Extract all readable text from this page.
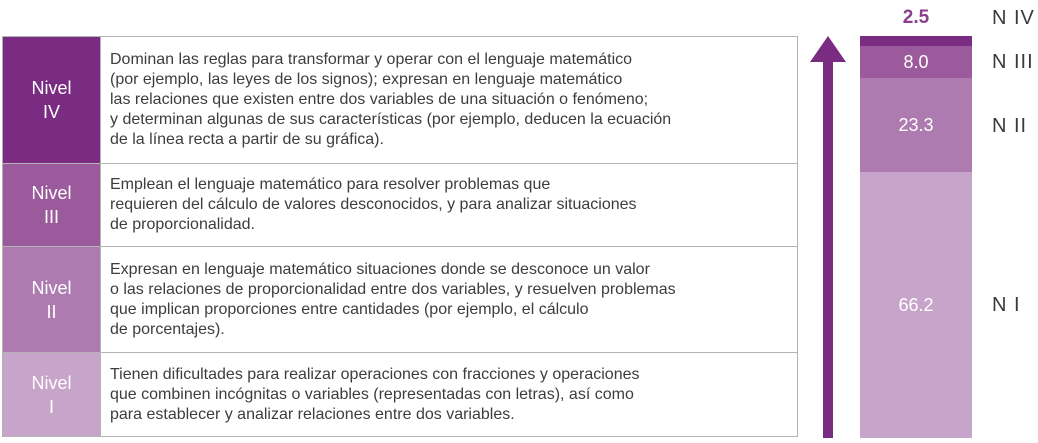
Nivel
IV	Dominan las reglas para transformar y operar con el lenguaje matemático
(por ejemplo, las leyes de los signos); expresan en lenguaje matemático
las relaciones que existen entre dos variables de una situación o fenómeno;
y determinan algunas de sus características (por ejemplo, deducen la ecuación
de la línea recta a partir de su gráfica).

Nivel
III	Emplean el lenguaje matemático para resolver problemas que
requieren del cálculo de valores desconocidos, y para analizar situaciones
de proporcionalidad.

Nivel
II	Expresan en lenguaje matemático situaciones donde se desconoce un valor
o las relaciones de proporcionalidad entre dos variables, y resuelven problemas
que implican proporciones entre cantidades (por ejemplo, el cálculo
de porcentajes).

Nivel
I	Tienen dificultades para realizar operaciones con fracciones y operaciones
que combinen incógnitas o variables (representadas con letras), así como
para establecer y analizar relaciones entre dos variables.
2.5
8.0
23.3
66.2
N IV
N III
N II
N I
